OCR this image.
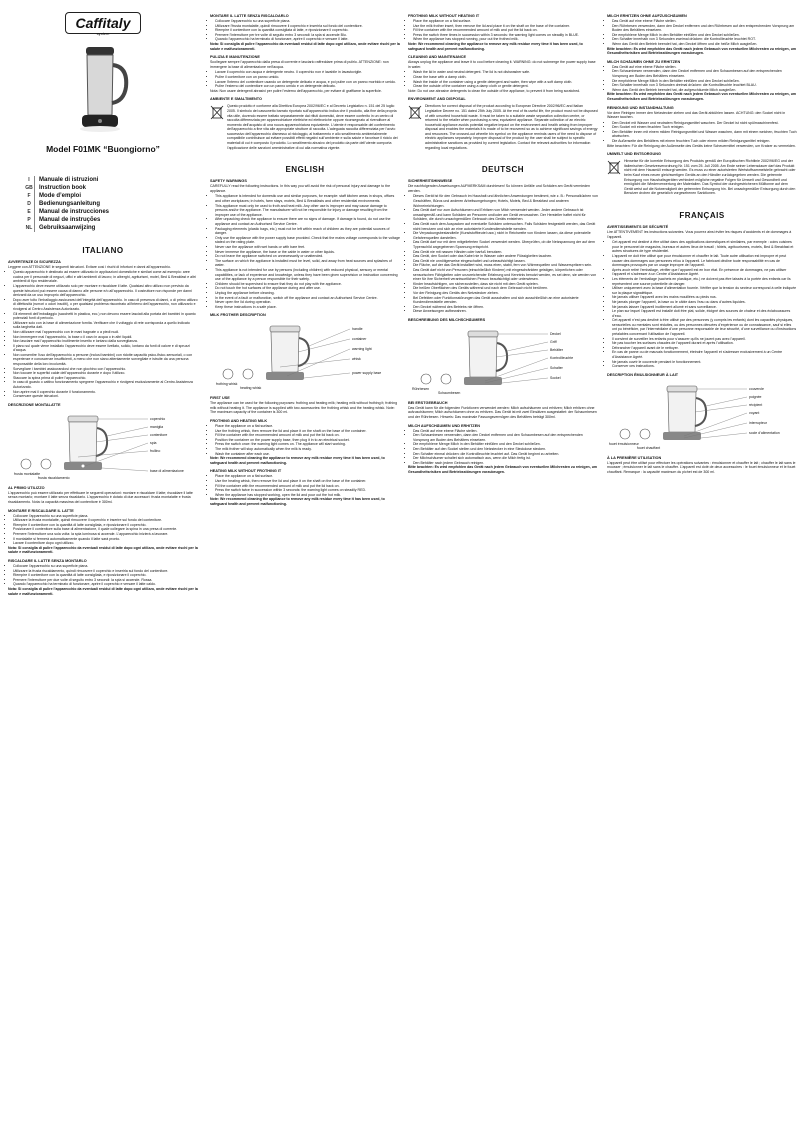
Caffitaly
system
Model F01MK “Buongiorno”
I	Manuale di istruzioni
GB	Instruction book
F	Mode d’emploi
D	Bedienungsanleitung
E	Manual de instrucciones
P	Manual de instruções
NL	Gebruiksaanwijzing
ITALIANO
AVVERTENZE DI SICUREZZA

Leggere con ATTENZIONE le seguenti istruzioni. Evitare così i rischi di infortuni e danni all’apparecchio.

• Questo apparecchio è destinato ad essere utilizzato in applicazioni domestiche e similari come ad esempio: aree cucina per il personale di negozi, uffici e altri ambienti di lavoro; in alberghi, agriturismi, motel, Bed & Breakfast e altri ambienti di tipo residenziale.
• L’apparecchio deve essere utilizzato solo per montare e riscaldare il latte. Qualsiasi altro utilizzo non previsto da queste istruzioni può essere causa di danno alle persone e/o all’apparecchio. Il costruttore non risponde per danni derivanti da un uso improprio dell’apparecchio.
• Dopo aver tolto l’imballaggio assicurarsi dell’integrità dell’apparecchio. In caso di presenza di danni, o di primo utilizzo di difettosità (rumori o odori insoliti), o per qualsiasi problema riscontrato all’interno dell’apparecchio, non utilizzarlo e rivolgersi al Centro Assistenza Autorizzato.
• Gli elementi dell’imballaggio (sacchetti in plastica, ecc.) non devono essere lasciati alla portata dei bambini in quanto potenziali fonti di pericolo.
• Utilizzare solo con la base di alimentazione fornita. Verificare che il voltaggio di rete corrisponda a quello indicato sulla targhetta dati.
• Non utilizzare mai l’apparecchio con le mani bagnate o a piedi nudi.
• Non immergere mai l’apparecchio, la base o il cavo in acqua o in altri liquidi.
• Non lasciare mai l’apparecchio inutilmente inserito e lontano dalla sorveglianza.
• Il piano sul quale viene installato l’apparecchio deve essere livellato, solido, lontano da fonti di calore e di spruzzi d’acqua.
• Non consentire l’uso dell’apparecchio a persone (inclusi bambini) con ridotte capacità psico-fisico-sensoriali, o con esperienze e conoscenze insufficienti, a meno che non siano attentamente sorvegliate e istruite da una persona responsabile della loro incolumità.
• Sorvegliare i bambini assicurandosi che non giochino con l’apparecchio.
• Non toccare le superfici calde dell’apparecchio durante e dopo l’utilizzo.
• Staccare la spina prima di pulire l’apparecchio.
• In caso di guasto o cattivo funzionamento spegnere l’apparecchio e rivolgersi esclusivamente al Centro Assistenza Autorizzato.
• Non aprire mai il coperchio durante il funzionamento.
• Conservare queste istruzioni.
DESCRIZIONE MONTALATTE
coperchio
maniglia
contenitore
spia
frullino
base di alimentazione
frusta montalatte
frusta riscaldamento
AL PRIMO UTILIZZO

L’apparecchio può essere utilizzato per effettuare le seguenti operazioni: montare e riscaldare il latte; riscaldare il latte senza montarlo; montare il latte senza riscaldarlo. L’apparecchio è dotato di due accessori: frusta montalatte e frusta riscaldamento. Nota: la capacità massima del contenitore è 300ml.

MONTARE E RISCALDARE IL LATTE
• Collocare l’apparecchio su una superficie piana.
• Utilizzare la frusta montalatte, quindi rimuovere il coperchio e inserire sul fondo del contenitore.
• Riempire il contenitore con la quantità di latte consigliata, e riposizionare il coperchio.
• Posizionare il contenitore sulla base di alimentazione, il quale collegare la spina in una presa di corrente.
• Premere l’interruttore una sola volta: la spia luminosa si accende. L’apparecchio inizierà a lavorare.
• Il montalatte si fermerà automaticamente quando il latte sarà pronto.
• Lavare il contenitore dopo ogni utilizzo.

Nota: Si consiglia di pulire l’apparecchio da eventuali residui di latte dopo ogni utilizzo, onde evitare rischi per la salute e malfunzionamenti.

RISCALDARE IL LATTE SENZA MONTARLO
• Collocare l’apparecchio su una superficie piana.
• Utilizzare la frusta riscaldamento, quindi rimuovere il coperchio e inserirla sul fondo del contenitore.
• Riempire il contenitore con la quantità di latte consigliata, e riposizionare il coperchio.
• Premere l’interruttore per due volte di seguito entro 3 secondi: la spia si accende. Rossa.
• Quando l’apparecchio ha terminato di funzionare, aprire il coperchio e versare il latte caldo.

Nota: Si consiglia di pulire l’apparecchio da eventuali residui di latte dopo ogni utilizzo, onde evitare rischi per la salute e malfunzionamenti.

MONTARE IL LATTE SENZA RISCALDARLO
• Collocare l’apparecchio su una superficie piana.
• Utilizzare l’frusta montalatte, quindi rimuovere il coperchio e inserirla sul fondo del contenitore.
• Riempire il contenitore con la quantità consigliata di latte, e riposizionare il coperchio.
• Premere l’interruttore per tre volte di seguito entro 3 secondi: la spia si accende Blu.
• Quando l’apparecchio ha terminato di funzionare, aprire il coperchio e versare il latte.

Nota: Si consiglia di pulire l’apparecchio da eventuali residui di latte dopo ogni utilizzo, onde evitare rischi per la salute e malfunzionamenti.

PULIZIA E MANUTENZIONE

Scollegare sempre l’apparecchio dalla presa di corrente e lasciarlo raffreddare prima di pulirlo. ATTENZIONE: non immergere la base di alimentazione nell’acqua.

• Lavare il coperchio con acqua e detergente neutro. Il coperchio non è lavabile in lavastoviglie.
• Pulire il contenitore con un panno umido.
• Lavare l’interno del contenitore usando un detergente delicato e acqua, e poi pulire con un panno morbido e umido.
• Pulire l’esterno del contenitore con un panno umido e un detergente delicato.

Nota: Non usare detergenti abrasivi per pulire l’esterno dell’apparecchio, per evitare di graffiarne la superficie.

AMBIENTE E SMALTIMENTO

Questo prodotto è conforme alla Direttiva Europea 2002/96/EC e al Decreto Legislativo n. 151 del 25 luglio 2005. Il simbolo del cassonetto barrato riportato sull’apparecchio indica che il prodotto, alla fine della propria vita utile, dovendo essere trattato separatamente dai rifiuti domestici, deve essere conferito in un centro di raccolta differenziata per apparecchiature elettriche ed elettroniche oppure riconsegnato al rivenditore al momento dell’acquisto di una nuova apparecchiatura equivalente. L’utente è responsabile del conferimento dell’apparecchio a fine vita alle appropriate strutture di raccolta. L’adeguata raccolta differenziata per l’avvio successivo dell’apparecchio dismesso al riciclaggio, al trattamento e allo smaltimento ambientalmente compatibile contribuisce ad evitare possibili effetti negativi sull’ambiente e sulla salute e favorisce il riciclo dei materiali di cui è composto il prodotto. Lo smaltimento abusivo del prodotto da parte dell’utente comporta l’applicazione delle sanzioni amministrative di cui alla normativa vigente.

ENGLISH
SAFETY WARNINGS

CAREFULLY read the following instructions. In this way you will avoid the risk of personal injury and damage to the appliance.

• This appliance is intended for domestic use and similar purposes, for example: staff kitchen areas in shops, offices and other workplaces; in hotels, farm stays, motels, Bed & Breakfasts and other residential environments.
• This appliance must only be used to froth and heat milk. Any other use is improper and may cause damage to persons and/or the appliance. The manufacturer will not be responsible for injury or damage resulting from the improper use of the appliance.
• After unpacking check the appliance to ensure there are no signs of damage. If damage is found, do not use the appliance and contact an Authorised Service Centre.
• Packaging elements (plastic bags, etc.) must not be left within reach of children as they are potential sources of danger.
• Only use the appliance with the power supply base provided. Check that the mains voltage corresponds to the voltage stated on the rating plate.
• Never use the appliance with wet hands or with bare feet.
• Never immerse the appliance, the base or the cable in water or other liquids.
• Do not leave the appliance switched on unnecessarily or unattended.
• The surface on which the appliance is installed must be level, solid, and away from heat sources and splashes of water.
• This appliance is not intended for use by persons (including children) with reduced physical, sensory or mental capabilities, or lack of experience and knowledge, unless they have been given supervision or instruction concerning use of the appliance by a person responsible for their safety.
• Children should be supervised to ensure that they do not play with the appliance.
• Do not touch the hot surfaces of the appliance during and after use.
• Unplug the appliance before cleaning.
• In the event of a fault or malfunction, switch off the appliance and contact an Authorised Service Centre.
• Never open the lid during operation.
• Keep these instructions in a safe place.
MILK FROTHER DESCRIPTION
handle
container
warning light
whisk
power supply base
frothing whisk
heating whisk
FIRST USE

The appliance can be used for the following purposes: frothing and heating milk; heating milk without frothing it; frothing milk without heating it. The appliance is supplied with two accessories: the frothing whisk and the heating whisk. Note: The maximum capacity of the container is 300 ml.

FROTHING AND HEATING MILK
• Place the appliance on a flat surface.
• Use the frothing whisk, then remove the lid and place it on the shaft on the base of the container.
• Fill the container with the recommended amount of milk and put the lid back on.
• Position the container on the power supply base, then plug it in to an electrical socket.
• Press the switch once: the warning light comes on. The appliance will start working.
• The milk frother will stop automatically when the milk is ready.
• Wash the container after each use.

Note: We recommend cleaning the appliance to remove any milk residue every time it has been used, to safeguard health and prevent malfunctioning.

HEATING MILK WITHOUT FROTHING IT
• Place the appliance on a flat surface.
• Use the heating whisk, then remove the lid and place it on the shaft on the base of the container.
• Fill the container with the recommended amount of milk and put the lid back on.
• Press the switch twice in succession within 3 seconds: the warning light comes on steadily RED.
• When the appliance has stopped working, open the lid and pour out the hot milk.

Note: We recommend cleaning the appliance to remove any milk residue every time it has been used, to safeguard health and prevent malfunctioning.

FROTHING MILK WITHOUT HEATING IT
• Place the appliance on a flat surface.
• Use the milk frother insert, then remove the lid and place it on the shaft on the base of the container.
• Fill the container with the recommended amount of milk and put the lid back on.
• Press the switch three times in succession within 3 seconds: the warning light comes on steadily in BLUE.
• When the appliance has stopped running, pour out the frothed milk.

Note: We recommend cleaning the appliance to remove any milk residue every time it has been used, to safeguard health and prevent malfunctioning.

CLEANING AND MAINTENANCE

Always unplug the appliance and leave it to cool before cleaning it. WARNING: do not submerge the power supply base in water.

• Wash the lid in water and neutral detergent. The lid is not dishwasher safe.
• Clean the base with a damp cloth.
• Wash the inside of the container using a gentle detergent and water, then wipe with a soft damp cloth.
• Clean the outside of the container using a damp cloth or gentle detergent.

Note: Do not use abrasive detergents to clean the outside of the appliance, to prevent it from being scratched.

ENVIRONMENT AND DISPOSAL

Directions for correct disposal of the product according to European Directive 2002/96/EC and Italian Legislative Decree no. 151 dated 25th July 2005. At the end of its useful life, the product must not be disposed of with unsorted household waste. It must be taken to a suitable waste separation collection centre, or returned to the retailer when purchasing a new, equivalent appliance. Separate collection of an electric household appliance avoids potential negative impact on the environment and health arising from improper disposal and enables the materials it is made of to be recovered so as to achieve significant savings of energy and resources. The crossed-out wheelie bin symbol on the appliance reminds users of the need to dispose of electric appliances separately. Improper disposal of the product by the user shall be subject to specific administrative sanctions as provided by current legislation. Contact the relevant authorities for information regarding local regulations.

DEUTSCH
SICHERHEITSHINWEISE

Die nachfolgenden Anweisungen AUFMERKSAM durchlesen! So können Unfälle und Schäden am Gerät vermieden werden.

• Dieses Gerät ist für den Gebrauch im Haushalt und ähnlichen Anwendungen bestimmt, wie z. B.: Personalküchen von Geschäften, Büros und anderen Arbeitsumgebungen; Hotels, Motels, Bed & Breakfast und anderen Wohneinrichtungen.
• Das Gerät darf nur zum Aufschäumen und Erhitzen von Milch verwendet werden. Jeder andere Gebrauch ist unsachgemäß und kann Schäden an Personen und/oder am Gerät verursachen. Der Hersteller haftet nicht für Schäden, die durch unsachgemäßen Gebrauch des Geräts entstehen.
• Das Gerät nach dem Auspacken auf eventuelle Schäden untersuchen. Falls Schäden festgestellt werden, das Gerät nicht benutzen und sich an eine autorisierte Kundendienststelle wenden.
• Die Verpackungsbestandteile (Kunststoffbeutel usw.) nicht in Reichweite von Kindern lassen, da diese potenzielle Gefahrenquellen darstellen.
• Das Gerät darf nur mit dem mitgelieferten Sockel verwendet werden. Überprüfen, ob die Netzspannung der auf dem Typenschild angegebenen Spannung entspricht.
• Das Gerät nie mit nassen Händen oder barfuß benutzen.
• Das Gerät, den Sockel oder das Kabel nie in Wasser oder andere Flüssigkeiten tauchen.
• Das Gerät nie unnötigerweise eingeschaltet und unbeaufsichtigt lassen.
• Die Fläche, auf der das Gerät installiert wird, muss eben, stabil, fern von Wärmequellen und Wasserspritzern sein.
• Das Gerät darf nicht von Personen (einschließlich Kindern) mit eingeschränkten geistigen, körperlichen oder sensorischen Fähigkeiten oder unzureichender Erfahrung und Kenntnis benutzt werden, es sei denn, sie werden von einer für ihre Sicherheit verantwortlichen Person beaufsichtigt oder unterwiesen.
• Kinder beaufsichtigen, um sicherzustellen, dass sie nicht mit dem Gerät spielen.
• Die heißen Oberflächen des Geräts während und nach dem Gebrauch nicht berühren.
• Vor der Reinigung des Geräts den Netzstecker ziehen.
• Bei Defekten oder Funktionsstörungen das Gerät ausschalten und sich ausschließlich an eine autorisierte Kundendienststelle wenden.
• Den Deckel während des Betriebs nie öffnen.
• Diese Anweisungen aufbewahren.
BESCHREIBUNG DES MILCHSCHÄUMERS
Deckel
Griff
Behälter
Kontrollleuchte
Schalter
Sockel
Rührbesen
Schaumbesen
BEI ERSTGEBRAUCH

Das Gerät kann für die folgenden Funktionen verwendet werden: Milch aufschäumen und erhitzen; Milch erhitzen ohne aufzuschäumen; Milch aufschäumen ohne zu erhitzen. Das Gerät ist mit zwei Einsätzen ausgestattet: der Schaumbesen und der Rührbesen. Hinweis: Das maximale Fassungsvermögen des Behälters beträgt 300ml.

MILCH AUFSCHÄUMEN UND ERHITZEN
• Das Gerät auf eine ebene Fläche stellen.
• Den Schaumbesen verwenden, dann den Deckel entfernen und den Schaumbesen auf den entsprechenden Vorsprung am Boden des Behälters einsetzen.
• Die empfohlene Menge Milch in den Behälter einfüllen und den Deckel schließen.
• Den Behälter auf den Sockel stellen und den Netzstecker in eine Steckdose stecken.
• Den Schalter einmal drücken: die Kontrollleuchte leuchtet auf. Das Gerät beginnt zu arbeiten.
• Der Milchschäumer schaltet sich automatisch aus, wenn die Milch fertig ist.
• Den Behälter nach jedem Gebrauch reinigen.

Bitte beachten: Es wird empfohlen das Gerät nach jedem Gebrauch von eventuellen Milchresten zu reinigen, um Gesundheitsrisiken und Betriebsstörungen vorzubeugen.

MILCH ERHITZEN OHNE AUFZUSCHÄUMEN
• Das Gerät auf eine ebene Fläche stellen.
• Den Rührbesen verwenden, dann den Deckel entfernen und den Rührbesen auf den entsprechenden Vorsprung am Boden des Behälters einsetzen.
• Die empfohlene Menge Milch in den Behälter einfüllen und den Deckel schließen.
• Den Schalter innerhalb von 3 Sekunden zweimal drücken: die Kontrollleuchte leuchtet ROT.
• Wenn das Gerät den Betrieb beendet hat, den Deckel öffnen und die heiße Milch ausgießen.

Bitte beachten: Es wird empfohlen das Gerät nach jedem Gebrauch von eventuellen Milchresten zu reinigen, um Gesundheitsrisiken und Betriebsstörungen vorzubeugen.

MILCH SCHÄUMEN OHNE ZU ERHITZEN
• Das Gerät auf eine ebene Fläche stellen.
• Den Schaumbesen verwenden, dann den Deckel entfernen und den Schaumbesen auf den entsprechenden Vorsprung am Boden des Behälters einsetzen.
• Die empfohlene Menge Milch in den Behälter einfüllen und den Deckel schließen.
• Den Schalter innerhalb von 3 Sekunden dreimal drücken: die Kontrollleuchte leuchtet BLAU.
• Wenn das Gerät den Betrieb beendet hat, die aufgeschäumte Milch ausgießen.

Bitte beachten: Es wird empfohlen das Gerät nach jedem Gebrauch von eventuellen Milchresten zu reinigen, um Gesundheitsrisiken und Betriebsstörungen vorzubeugen.

REINIGUNG UND INSTANDHALTUNG

Vor dem Reinigen immer den Netzstecker ziehen und das Gerät abkühlen lassen. ACHTUNG: den Sockel nicht in Wasser tauchen.

• Den Deckel mit Wasser und neutralem Reinigungsmittel waschen. Der Deckel ist nicht spülmaschinenfest.
• Den Sockel mit einem feuchten Tuch reinigen.
• Den Behälter innen mit einem milden Reinigungsmittel und Wasser waschen, dann mit einem weichen, feuchten Tuch abwischen.
• Die Außenseite des Behälters mit einem feuchten Tuch oder einem milden Reinigungsmittel reinigen.

Bitte beachten: Für die Reinigung der Außenseite des Geräts keine Scheuermittel verwenden, um Kratzer zu vermeiden.

UMWELT UND ENTSORGUNG

Hinweise für die korrekte Entsorgung des Produkts gemäß der Europäischen Richtlinie 2002/96/EG und der italienischen Gesetzesverordnung Nr. 151 vom 25. Juli 2005. Am Ende seiner Lebensdauer darf das Produkt nicht mit dem Hausmüll entsorgt werden. Es muss zu einer autorisierten Wertstoffsammelstelle gebracht oder beim Kauf eines neuen gleichwertigen Geräts an den Händler zurückgegeben werden. Die getrennte Entsorgung von Haushaltsgeräten verhindert mögliche negative Folgen für Umwelt und Gesundheit und ermöglicht die Wiederverwertung der Materialien. Das Symbol der durchgestrichenen Mülltonne auf dem Gerät weist auf die Notwendigkeit der getrennten Entsorgung hin. Bei unsachgemäßer Entsorgung durch den Benutzer drohen die gesetzlich vorgesehenen Sanktionen.

FRANÇAIS
AVERTISSEMENTS DE SÉCURITÉ

Lire ATTENTIVEMENT les instructions suivantes. Vous pourrez ainsi éviter les risques d’accidents et de dommages à l’appareil.

• Cet appareil est destiné à être utilisé dans des applications domestiques et similaires, par exemple : coins cuisines pour le personnel de magasins, bureaux et autres lieux de travail ; hôtels, agritourismes, motels, Bed & Breakfast et autres structures de type résidentiel.
• L’appareil ne doit être utilisé que pour émulsionner et chauffer le lait. Toute autre utilisation est impropre et peut causer des dommages aux personnes et/ou à l’appareil. Le fabricant décline toute responsabilité en cas de dommages provoqués par un usage impropre de l’appareil.
• Après avoir retiré l’emballage, vérifier que l’appareil est en bon état. En présence de dommages, ne pas utiliser l’appareil et s’adresser à un Centre d’Assistance Agréé.
• Les éléments de l’emballage (sachets en plastique, etc.) ne doivent pas être laissés à la portée des enfants car ils représentent une source potentielle de danger.
• Utiliser uniquement avec la base d’alimentation fournie. Vérifier que la tension du secteur correspond à celle indiquée sur la plaque signalétique.
• Ne jamais utiliser l’appareil avec les mains mouillées ou pieds nus.
• Ne jamais plonger l’appareil, la base ou le câble dans l’eau ou dans d’autres liquides.
• Ne jamais laisser l’appareil inutilement allumé et sans surveillance.
• Le plan sur lequel l’appareil est installé doit être plat, solide, éloigné des sources de chaleur et des éclaboussures d’eau.
• Cet appareil n’est pas destiné à être utilisé par des personnes (y compris les enfants) dont les capacités physiques, sensorielles ou mentales sont réduites, ou des personnes dénuées d’expérience ou de connaissance, sauf si elles ont pu bénéficier, par l’intermédiaire d’une personne responsable de leur sécurité, d’une surveillance ou d’instructions préalables concernant l’utilisation de l’appareil.
• Il convient de surveiller les enfants pour s’assurer qu’ils ne jouent pas avec l’appareil.
• Ne pas toucher les surfaces chaudes de l’appareil durant et après l’utilisation.
• Débrancher l’appareil avant de le nettoyer.
• En cas de panne ou de mauvais fonctionnement, éteindre l’appareil et s’adresser exclusivement à un Centre d’Assistance Agréé.
• Ne jamais ouvrir le couvercle pendant le fonctionnement.
• Conserver ces instructions.
DESCRIPTION ÉMULSIONNEUR À LAIT
couvercle
poignée
récipient
voyant
interrupteur
socle d’alimentation
fouet émulsionneur
fouet chauffant
À LA PREMIÈRE UTILISATION

L’appareil peut être utilisé pour effectuer les opérations suivantes : émulsionner et chauffer le lait ; chauffer le lait sans le mousser ; émulsionner le lait sans le chauffer. L’appareil est doté de deux accessoires : le fouet émulsionneur et le fouet chauffant. Remarque : la capacité maximum du pichet est de 300 ml.
